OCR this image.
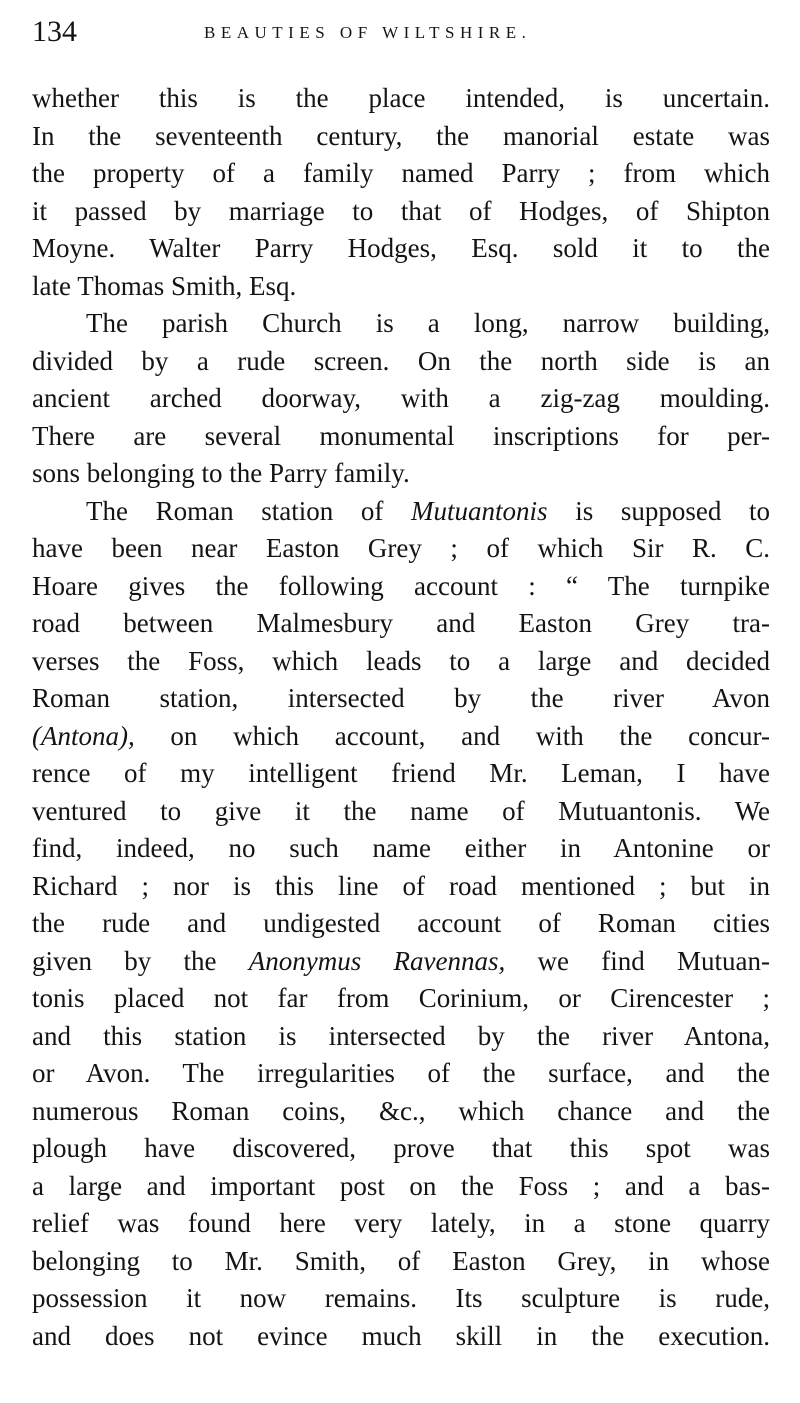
134	BEAUTIES OF WILTSHIRE.
whether this is the place intended, is uncertain.
In the seventeenth century, the manorial estate was
the property of a family named Parry ; from which
it passed by marriage to that of Hodges, of Shipton
Moyne. Walter Parry Hodges, Esq. sold it to the
late Thomas Smith, Esq.
The parish Church is a long, narrow building,
divided by a rude screen. On the north side is an
ancient arched doorway, with a zig-zag moulding.
There are several monumental inscriptions for per-
sons belonging to the Parry family.
The Roman station of Mutuantonis is supposed to
have been near Easton Grey ; of which Sir R. C.
Hoare gives the following account : “ The turnpike
road between Malmesbury and Easton Grey tra-
verses the Foss, which leads to a large and decided
Roman station, intersected by the river Avon
(Antona), on which account, and with the concur-
rence of my intelligent friend Mr. Leman, I have
ventured to give it the name of Mutuantonis. We
find, indeed, no such name either in Antonine or
Richard ; nor is this line of road mentioned ; but in
the rude and undigested account of Roman cities
given by the Anonymus Ravennas, we find Mutuan-
tonis placed not far from Corinium, or Cirencester ;
and this station is intersected by the river Antona,
or Avon. The irregularities of the surface, and the
numerous Roman coins, &c., which chance and the
plough have discovered, prove that this spot was
a large and important post on the Foss ; and a bas-
relief was found here very lately, in a stone quarry
belonging to Mr. Smith, of Easton Grey, in whose
possession it now remains. Its sculpture is rude,
and does not evince much skill in the execution.
